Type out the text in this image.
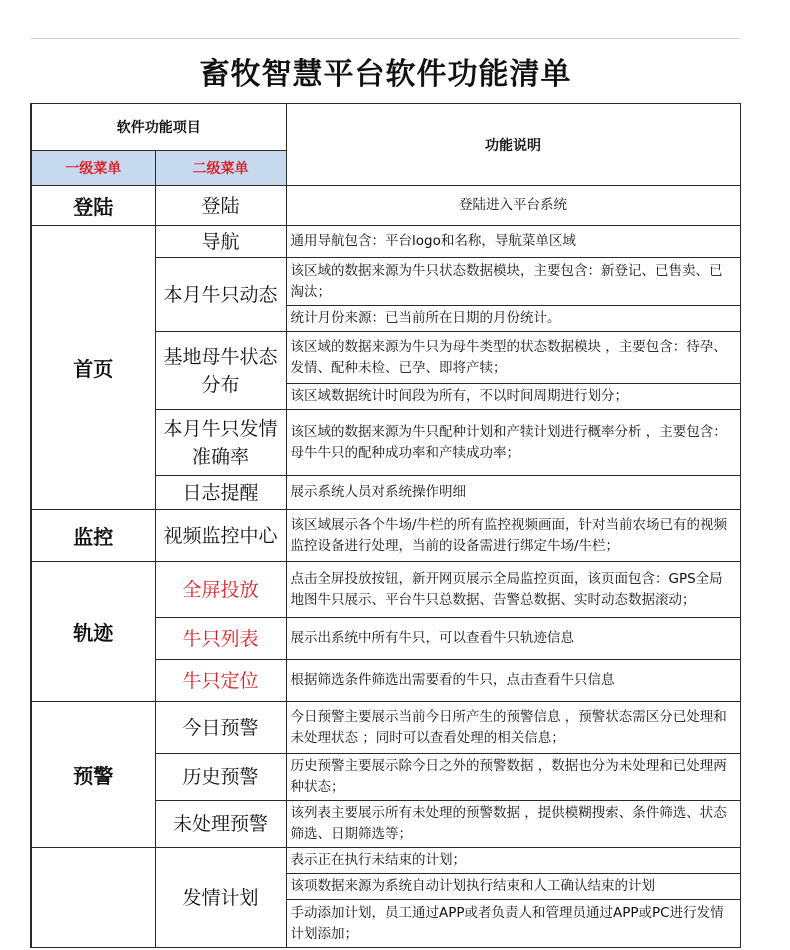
畜牧智慧平台软件功能清单		
软件功能项目		功能说明
一级菜单	二级菜单	
登陆	登陆	登陆进入平台系统
首页	导航	通用导航包含：平台logo和名称，导航菜单区域
	本月牛只动态	该区域的数据来源为牛只状态数据模块，主要包含：新登记、已售卖、已淘汰；
		统计月份来源：已当前所在日期的月份统计。
	基地母牛状态分布	该区域的数据来源为牛只为母牛类型的状态数据模块 ，主要包含：待孕、发情、配种未检、已孕、即将产犊；
		该区域数据统计时间段为所有，不以时间周期进行划分；
	本月牛只发情准确率	该区域的数据来源为牛只配种计划和产犊计划进行概率分析 ，主要包含：母牛牛只的配种成功率和产犊成功率；
	日志提醒	展示系统人员对系统操作明细

监控	视频监控中心	该区域展示各个牛场/牛栏的所有监控视频画面，针对当前农场已有的视频监控设备进行处理，当前的设备需进行绑定牛场/牛栏；
轨迹	全屏投放	点击全屏投放按钮，新开网页展示全局监控页面，该页面包含：GPS全局地图牛只展示、平台牛只总数据、告警总数据、实时动态数据滚动；
	牛只列表	展示出系统中所有牛只，可以查看牛只轨迹信息
	牛只定位	根据筛选条件筛选出需要看的牛只，点击查看牛只信息
预警	今日预警	今日预警主要展示当前今日所产生的预警信息 ，预警状态需区分已处理和未处理状态 ；同时可以查看处理的相关信息；
	历史预警	历史预警主要展示除今日之外的预警数据 ，数据也分为未处理和已处理两种状态；
	未处理预警	该列表主要展示所有未处理的预警数据 ，提供模糊搜索、条件筛选、状态筛选、日期筛选等；
	发情计划	表示正在执行未结束的计划；
		该项数据来源为系统自动计划执行结束和人工确认结束的计划
		手动添加计划，员工通过APP或者负责人和管理员通过APP或PC进行发情计划添加；
